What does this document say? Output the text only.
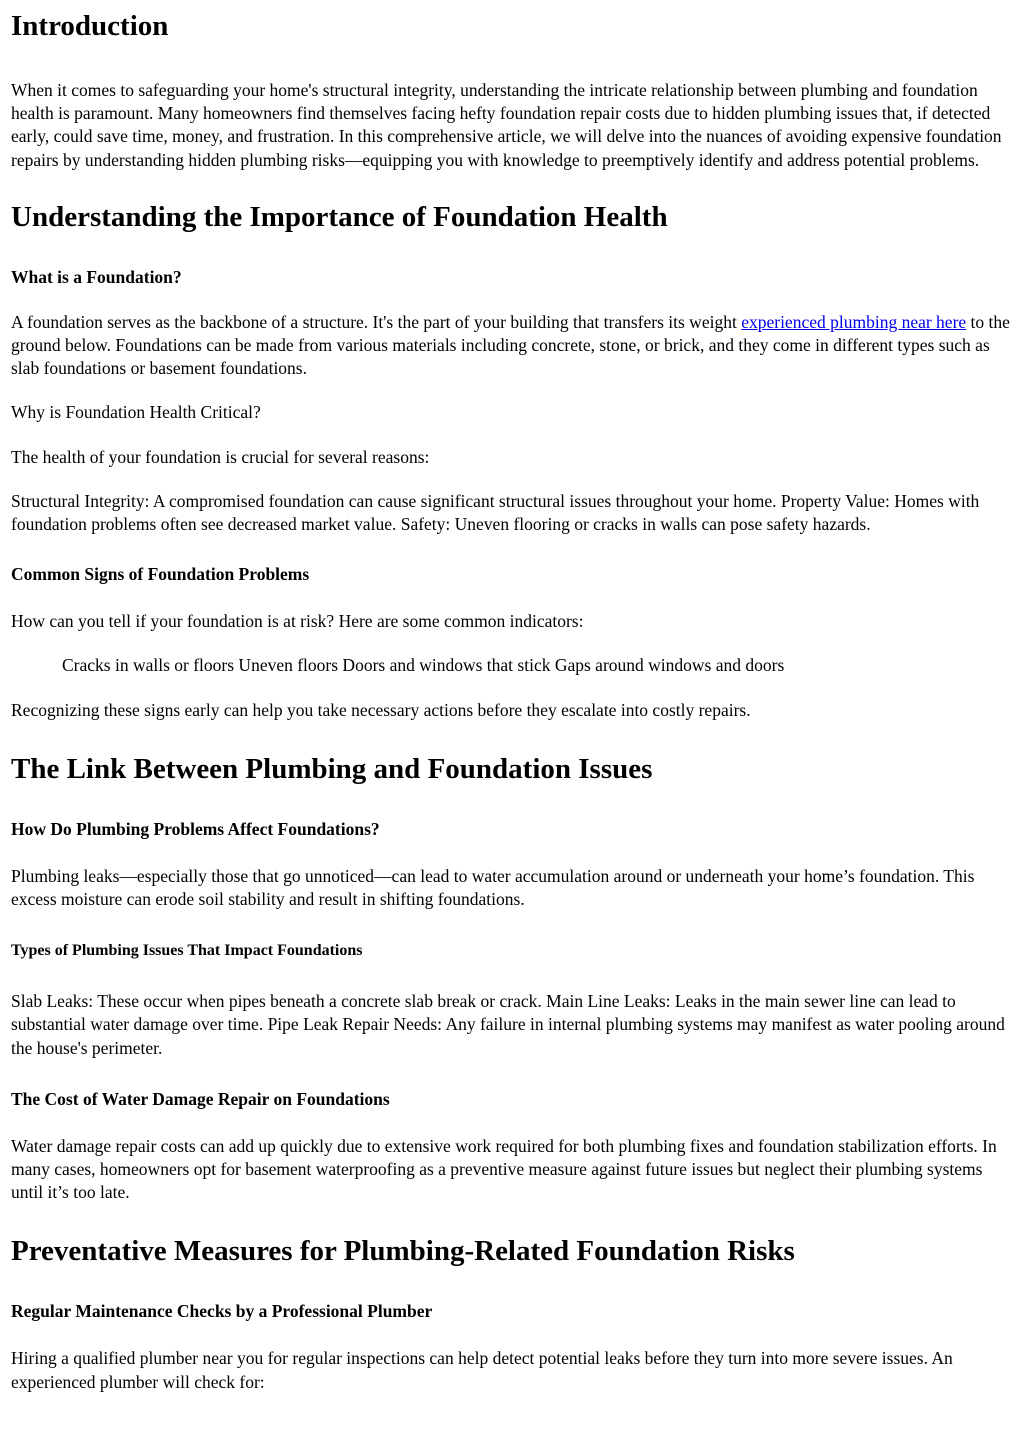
Introduction

When it comes to safeguarding your home's structural integrity, understanding the intricate relationship between plumbing and foundation health is paramount. Many homeowners find themselves facing hefty foundation repair costs due to hidden plumbing issues that, if detected early, could save time, money, and frustration. In this comprehensive article, we will delve into the nuances of avoiding expensive foundation repairs by understanding hidden plumbing risks—equipping you with knowledge to preemptively identify and address potential problems.

Understanding the Importance of Foundation Health
What is a Foundation?

A foundation serves as the backbone of a structure. It's the part of your building that transfers its weight experienced plumbing near here to the ground below. Foundations can be made from various materials including concrete, stone, or brick, and they come in different types such as slab foundations or basement foundations.

Why is Foundation Health Critical?

The health of your foundation is crucial for several reasons:

Structural Integrity: A compromised foundation can cause significant structural issues throughout your home. Property Value: Homes with foundation problems often see decreased market value. Safety: Uneven flooring or cracks in walls can pose safety hazards.

Common Signs of Foundation Problems

How can you tell if your foundation is at risk? Here are some common indicators:

Cracks in walls or floors Uneven floors Doors and windows that stick Gaps around windows and doors

Recognizing these signs early can help you take necessary actions before they escalate into costly repairs.

The Link Between Plumbing and Foundation Issues
How Do Plumbing Problems Affect Foundations?

Plumbing leaks—especially those that go unnoticed—can lead to water accumulation around or underneath your home’s foundation. This excess moisture can erode soil stability and result in shifting foundations.

Types of Plumbing Issues That Impact Foundations

Slab Leaks: These occur when pipes beneath a concrete slab break or crack. Main Line Leaks: Leaks in the main sewer line can lead to substantial water damage over time. Pipe Leak Repair Needs: Any failure in internal plumbing systems may manifest as water pooling around the house's perimeter.

The Cost of Water Damage Repair on Foundations

Water damage repair costs can add up quickly due to extensive work required for both plumbing fixes and foundation stabilization efforts. In many cases, homeowners opt for basement waterproofing as a preventive measure against future issues but neglect their plumbing systems until it’s too late.

Preventative Measures for Plumbing-Related Foundation Risks
Regular Maintenance Checks by a Professional Plumber

Hiring a qualified plumber near you for regular inspections can help detect potential leaks before they turn into more severe issues. An experienced plumber will check for:
